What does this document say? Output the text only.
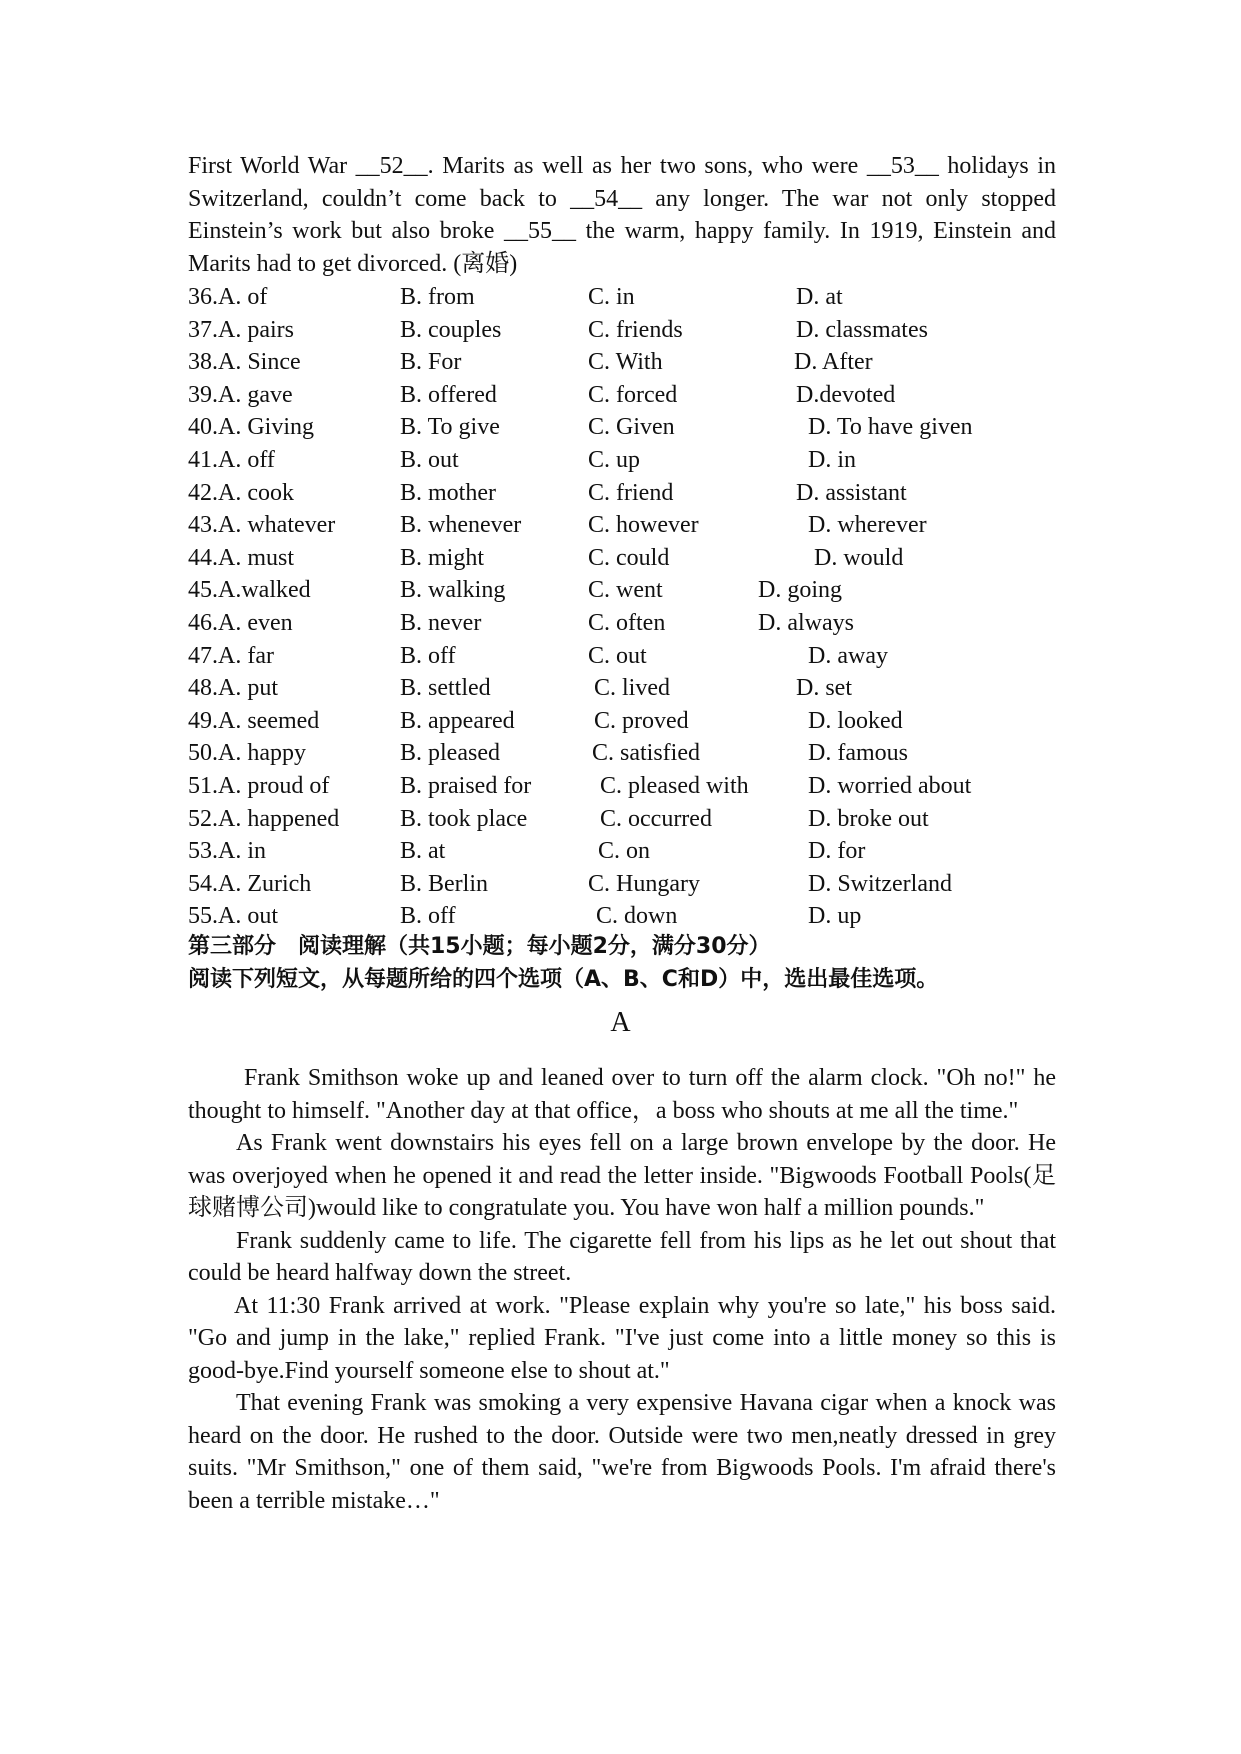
First World War __52__. Marits as well as her two sons, who were __53__ holidays in Switzerland, couldn’t come back to __54__ any longer. The war not only stopped Einstein’s work but also broke __55__ the warm, happy family. In 1919, Einstein and Marits had to get divorced. (离婚)
36.A. of	B. from	C. in	D. at
37.A. pairs	B. couples	C. friends	D. classmates
38.A. Since	B. For	C. With	D. After
39.A. gave	B. offered	C. forced	D.devoted
40.A. Giving	B. To give	C. Given	D. To have given
41.A. off	B. out	C. up	D. in
42.A. cook	B. mother	C. friend	D. assistant
43.A. whatever	B. whenever	C. however	D. wherever
44.A. must	B. might	C. could	D. would
45.A.walked	B. walking	C. went	D. going
46.A. even	B. never	C. often	D. always
47.A. far	B. off	C. out	D. away
48.A. put	B. settled	C. lived	D. set
49.A. seemed	B. appeared	C. proved	D. looked
50.A. happy	B. pleased	C. satisfied	D. famous
51.A. proud of	B. praised for	C. pleased with D. worried about
52.A. happened	B. took place	C. occurred	D. broke out
53.A. in	B. at	C. on	D. for
54.A. Zurich	B. Berlin	C. Hungary	D. Switzerland
55.A. out	B. off	C. down	D. up
第三部分　阅读理解（共15小题；每小题2分，满分30分）
阅读下列短文，从每题所给的四个选项（A、B、C和D）中，选出最佳选项。
A

Frank Smithson woke up and leaned over to turn off the alarm clock. "Oh no!" he thought to himself. "Another day at that office，a boss who shouts at me all the time."

As Frank went downstairs his eyes fell on a large brown envelope by the door. He was overjoyed when he opened it and read the letter inside. "Bigwoods Football Pools(足球赌博公司)would like to congratulate you. You have won half a million pounds."

Frank suddenly came to life. The cigarette fell from his lips as he let out shout that could be heard halfway down the street.

At 11:30 Frank arrived at work. "Please explain why you're so late," his boss said. "Go and jump in the lake," replied Frank. "I've just come into a little money so this is good-bye.Find yourself someone else to shout at."

That evening Frank was smoking a very expensive Havana cigar when a knock was heard on the door. He rushed to the door. Outside were two men,neatly dressed in grey suits. "Mr Smithson," one of them said, "we're from Bigwoods Pools. I'm afraid there's been a terrible mistake…"
